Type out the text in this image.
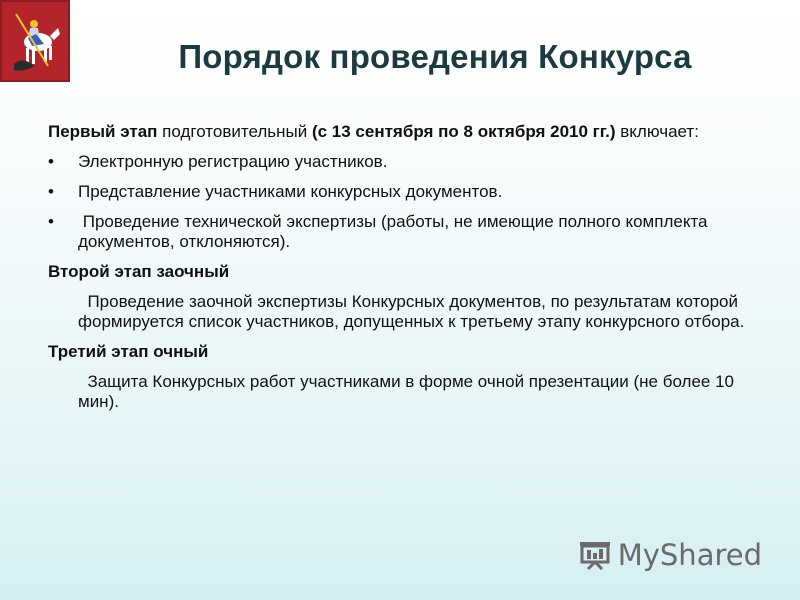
Порядок проведения Конкурса

Первый этап подготовительный (с 13 сентября по 8 октября 2010 гг.) включает:

• Электронную регистрацию участников.
• Представление участниками конкурсных документов.
• Проведение технической экспертизы (работы, не имеющие полного комплекта документов, отклоняются).

Второй этап заочный

Проведение заочной экспертизы Конкурсных документов, по результатам которой формируется список участников, допущенных к третьему этапу конкурсного отбора.

Третий этап очный

Защита Конкурсных работ участниками в форме очной презентации (не более 10 мин).

MyShared
